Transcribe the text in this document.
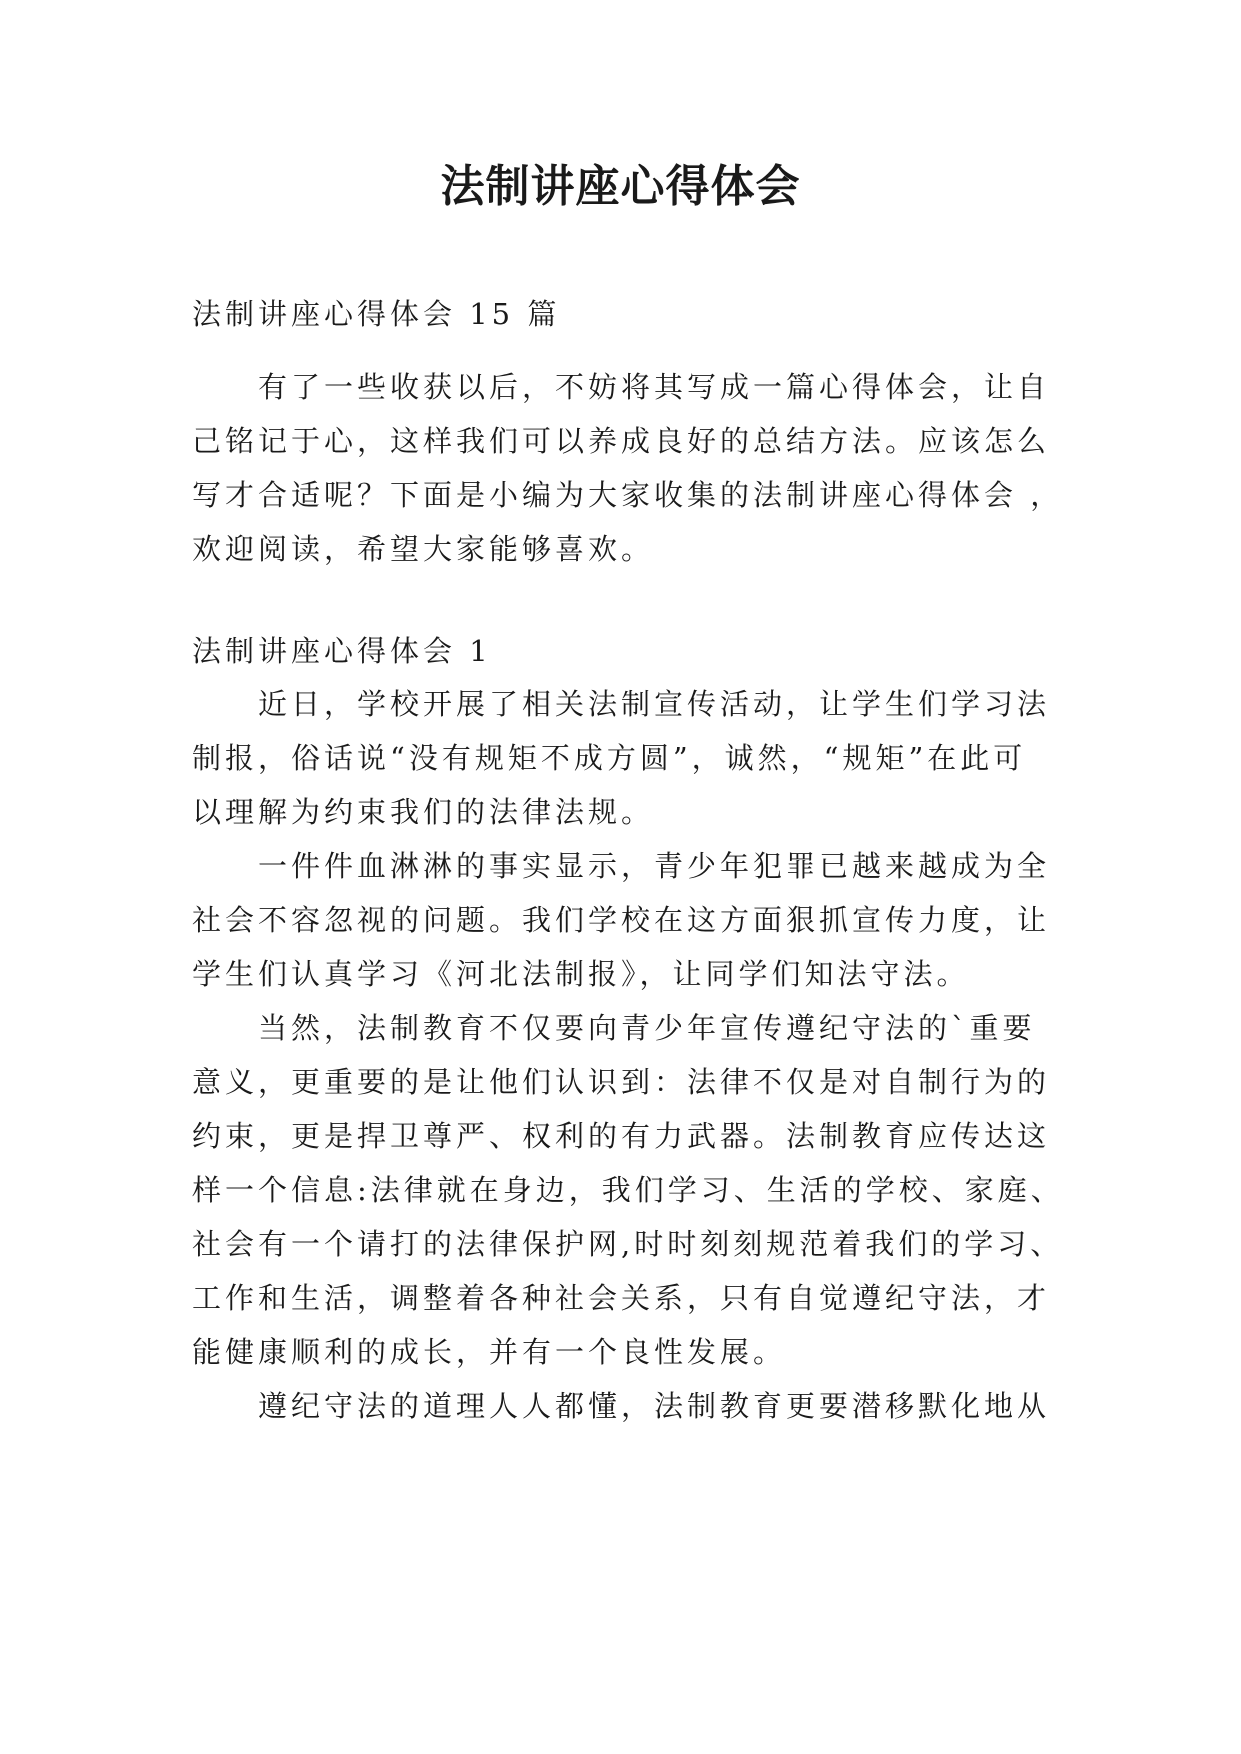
法制讲座心得体会
法制讲座心得体会 15 篇
有了一些收获以后，不妨将其写成一篇心得体会，让自
己铭记于心，这样我们可以养成良好的总结方法。应该怎么
写才合适呢？下面是小编为大家收集的法制讲座心得体会 ，
欢迎阅读，希望大家能够喜欢。
法制讲座心得体会 1
近日，学校开展了相关法制宣传活动，让学生们学习法
制报，俗话说“没有规矩不成方圆”，诚然，“规矩”在此可
以理解为约束我们的法律法规。
一件件血淋淋的事实显示，青少年犯罪已越来越成为全
社会不容忽视的问题。我们学校在这方面狠抓宣传力度，让
学生们认真学习《河北法制报》，让同学们知法守法。
当然，法制教育不仅要向青少年宣传遵纪守法的`重要
意义，更重要的是让他们认识到：法律不仅是对自制行为的
约束，更是捍卫尊严、权利的有力武器。法制教育应传达这
样一个信息:法律就在身边，我们学习、生活的学校、家庭、
社会有一个请打的法律保护网,时时刻刻规范着我们的学习、
工作和生活，调整着各种社会关系，只有自觉遵纪守法，才
能健康顺利的成长，并有一个良性发展。
遵纪守法的道理人人都懂，法制教育更要潜移默化地从
